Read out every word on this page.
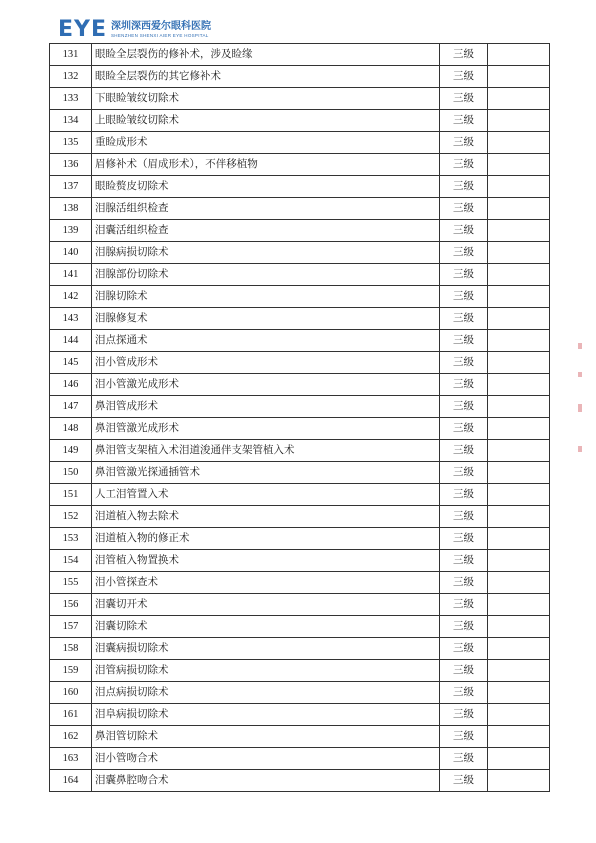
EYE 深圳深西爱尔眼科医院
SHENZHEN SHENXI AIER EYE HOSPITAL
131	眼睑全层裂伤的修补术，涉及睑缘	三级	
132	眼睑全层裂伤的其它修补术	三级	
133	下眼睑皱纹切除术	三级	
134	上眼睑皱纹切除术	三级	
135	重睑成形术	三级	
136	眉修补术（眉成形术），不伴移植物	三级	
137	眼睑赘皮切除术	三级	
138	泪腺活组织检查	三级	
139	泪囊活组织检查	三级	
140	泪腺病损切除术	三级	
141	泪腺部份切除术	三级	
142	泪腺切除术	三级	
143	泪腺修复术	三级	
144	泪点探通术	三级	
145	泪小管成形术	三级	
146	泪小管激光成形术	三级	
147	鼻泪管成形术	三级	
148	鼻泪管激光成形术	三级	
149	鼻泪管支架植入术泪道浚通伴支架管植入术	三级	
150	鼻泪管激光探通插管术	三级	
151	人工泪管置入术	三级	
152	泪道植入物去除术	三级	
153	泪道植入物的修正术	三级	
154	泪管植入物置换术	三级	
155	泪小管探查术	三级	
156	泪囊切开术	三级	
157	泪囊切除术	三级	
158	泪囊病损切除术	三级	
159	泪管病损切除术	三级	
160	泪点病损切除术	三级	
161	泪阜病损切除术	三级	
162	鼻泪管切除术	三级	
163	泪小管吻合术	三级	
164	泪囊鼻腔吻合术	三级	
